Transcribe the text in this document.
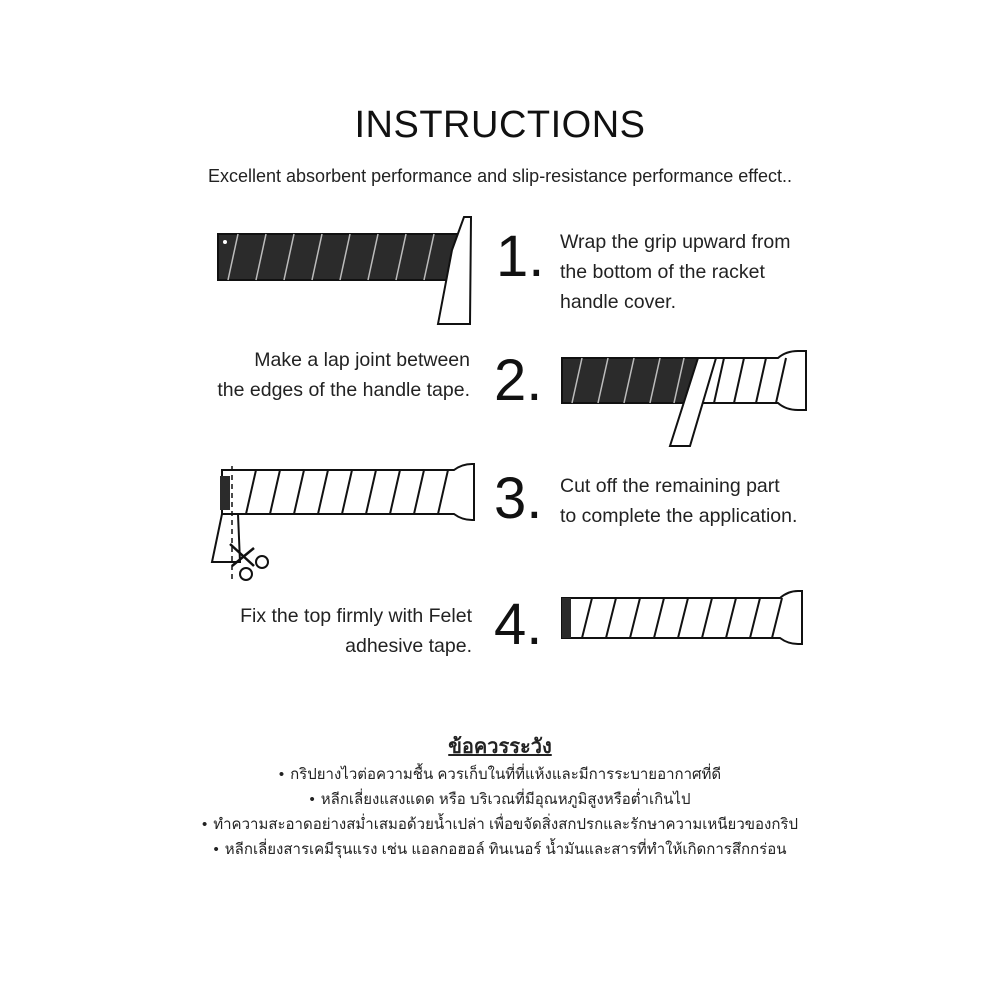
INSTRUCTIONS
Excellent absorbent performance and slip-resistance performance effect..
1. Wrap the grip upward from
the bottom of the racket
handle cover.
Make a lap joint between
the edges of the handle tape. 2.
3. Cut off the remaining part
to complete the application.
Fix the top firmly with Felet
adhesive tape. 4.
ข้อควรระวัง
• กริปยางไวต่อความชื้น ควรเก็บในที่ที่แห้งและมีการระบายอากาศที่ดี
• หลีกเลี่ยงแสงแดด หรือ บริเวณที่มีอุณหภูมิสูงหรือต่ำเกินไป
• ทำความสะอาดอย่างสม่ำเสมอด้วยน้ำเปล่า เพื่อขจัดสิ่งสกปรกและรักษาความเหนียวของกริป
• หลีกเลี่ยงสารเคมีรุนแรง เช่น แอลกอฮอล์ ทินเนอร์ น้ำมันและสารที่ทำให้เกิดการสึกกร่อน
